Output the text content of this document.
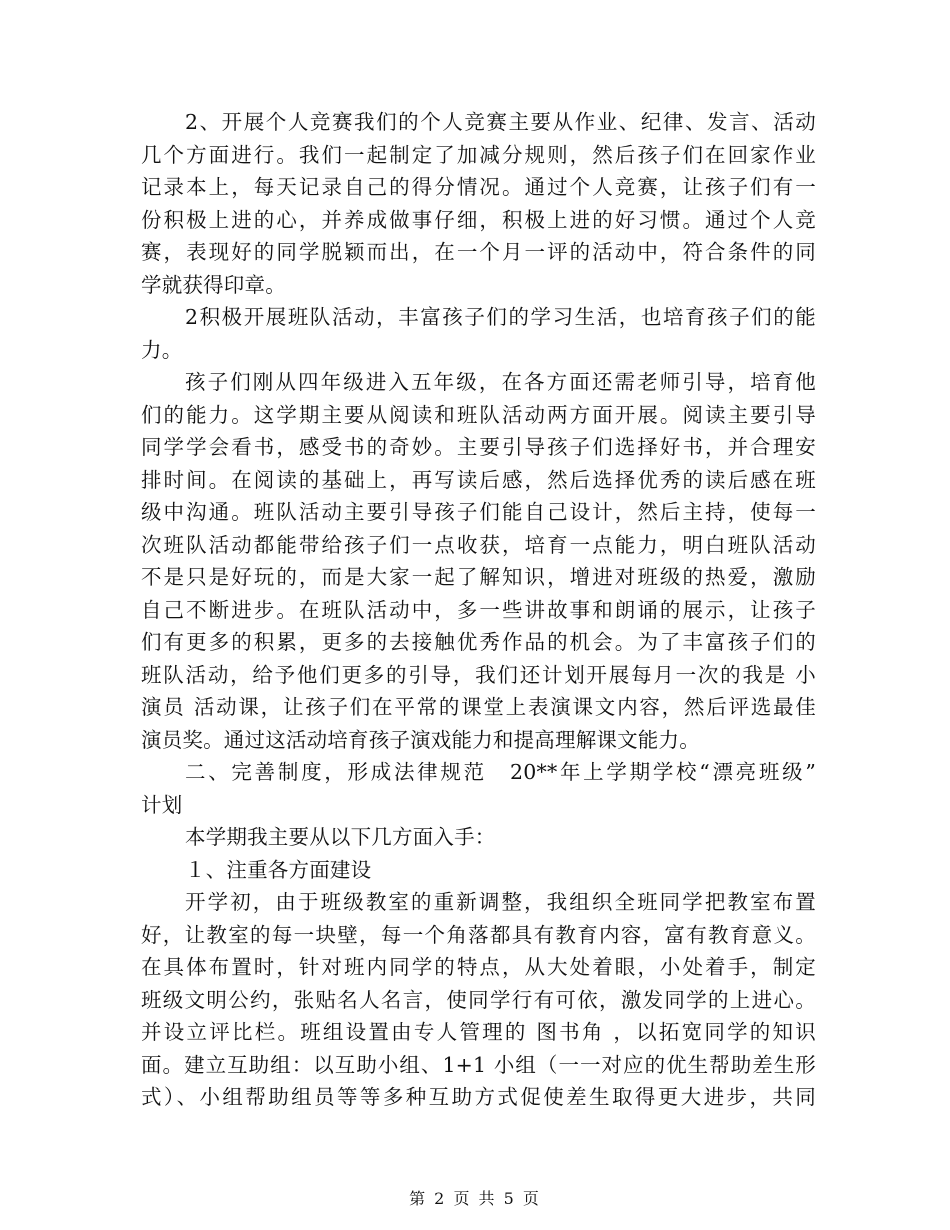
2、开展个人竞赛我们的个人竞赛主要从作业、纪律、发言、活动
几个方面进行。我们一起制定了加减分规则，然后孩子们在回家作业
记录本上，每天记录自己的得分情况。通过个人竞赛，让孩子们有一
份积极上进的心，并养成做事仔细，积极上进的好习惯。通过个人竞
赛，表现好的同学脱颖而出，在一个月一评的活动中，符合条件的同
学就获得印章。
2积极开展班队活动，丰富孩子们的学习生活，也培育孩子们的能
力。
孩子们刚从四年级进入五年级，在各方面还需老师引导，培育他
们的能力。这学期主要从阅读和班队活动两方面开展。阅读主要引导
同学学会看书，感受书的奇妙。主要引导孩子们选择好书，并合理安
排时间。在阅读的基础上，再写读后感，然后选择优秀的读后感在班
级中沟通。班队活动主要引导孩子们能自己设计，然后主持，使每一
次班队活动都能带给孩子们一点收获，培育一点能力，明白班队活动
不是只是好玩的，而是大家一起了解知识，增进对班级的热爱，激励
自己不断进步。在班队活动中，多一些讲故事和朗诵的展示，让孩子
们有更多的积累，更多的去接触优秀作品的机会。为了丰富孩子们的
班队活动，给予他们更多的引导，我们还计划开展每月一次的我是 小
演员 活动课，让孩子们在平常的课堂上表演课文内容，然后评选最佳
演员奖。通过这活动培育孩子演戏能力和提高理解课文能力。
二、完善制度，形成法律规范　20**年上学期学校“漂亮班级”
计划
本学期我主要从以下几方面入手：
１、注重各方面建设
开学初，由于班级教室的重新调整，我组织全班同学把教室布置
好，让教室的每一块壁，每一个角落都具有教育内容，富有教育意义。
在具体布置时，针对班内同学的特点，从大处着眼，小处着手，制定
班级文明公约，张贴名人名言，使同学行有可依，激发同学的上进心。
并设立评比栏。班组设置由专人管理的 图书角 ，以拓宽同学的知识
面。建立互助组：以互助小组、1+1 小组（一一对应的优生帮助差生形
式）、小组帮助组员等等多种互助方式促使差生取得更大进步，共同
第 2 页 共 5 页
